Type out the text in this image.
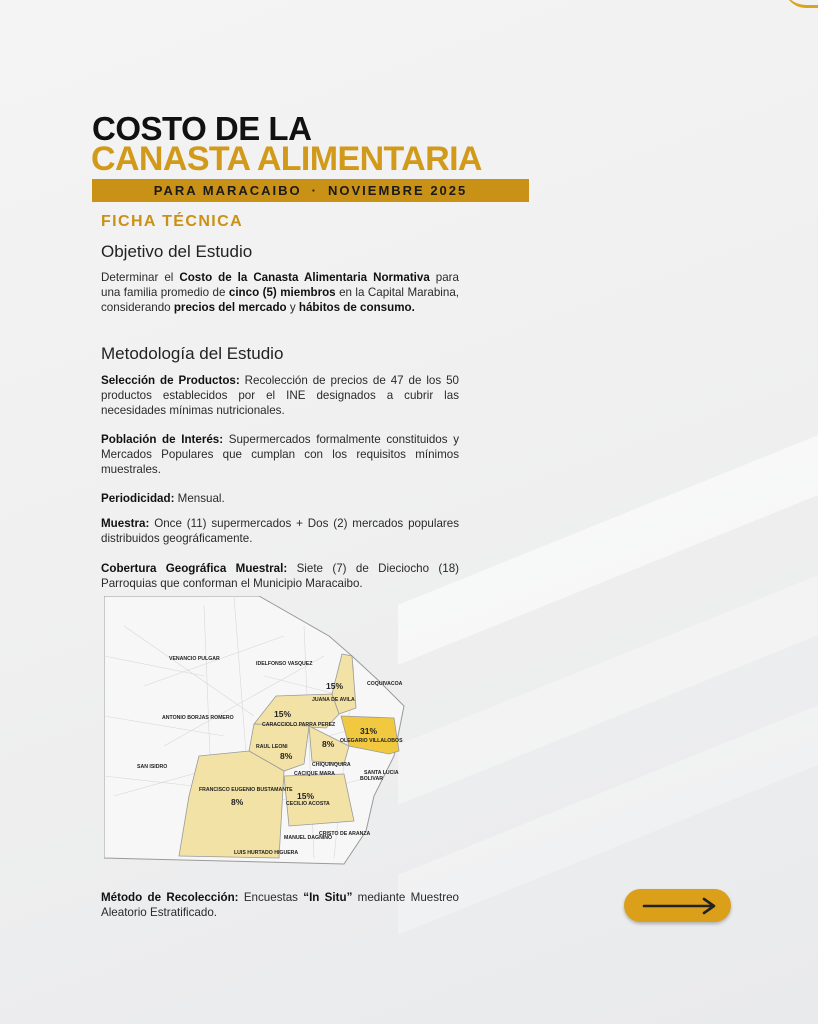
COSTO DE LA
CANASTA ALIMENTARIA
PARA MARACAIBO · NOVIEMBRE 2025
FICHA TÉCNICA
Objetivo del Estudio

Determinar el Costo de la Canasta Alimentaria Normativa para una familia promedio de cinco (5) miembros en la Capital Marabina, considerando precios del mercado y hábitos de consumo.

Metodología del Estudio

Selección de Productos: Recolección de precios de 47 de los 50 productos establecidos por el INE designados a cubrir las necesidades mínimas nutricionales.

Población de Interés: Supermercados formalmente constituidos y Mercados Populares que cumplan con los requisitos mínimos muestrales.

Periodicidad: Mensual.

Muestra: Once (11) supermercados + Dos (2) mercados populares distribuidos geográficamente.

Cobertura Geográfica Muestral: Siete (7) de Dieciocho (18) Parroquias que conforman el Municipio Maracaibo.

VENANCIO PULGAR
IDELFONSO VASQUEZ
COQUIVACOA
JUANA DE AVILA
ANTONIO BORJAS ROMERO
CARACCIOLO PARRA PEREZ
OLEGARIO VILLALOBOS
RAUL LEONI
CHIQUINQUIRA
SAN ISIDRO
CACIQUE MARA	SANTA LUCIA
BOLIVAR
FRANCISCO EUGENIO BUSTAMANTE
CECILIO ACOSTA
CRISTO DE ARANZA
MANUEL DAGNINO
LUIS HURTADO HIGUERA
15%
15%
31%
8%
8%
8%
15%

Método de Recolección: Encuestas “In Situ” mediante Muestreo Aleatorio Estratificado.
